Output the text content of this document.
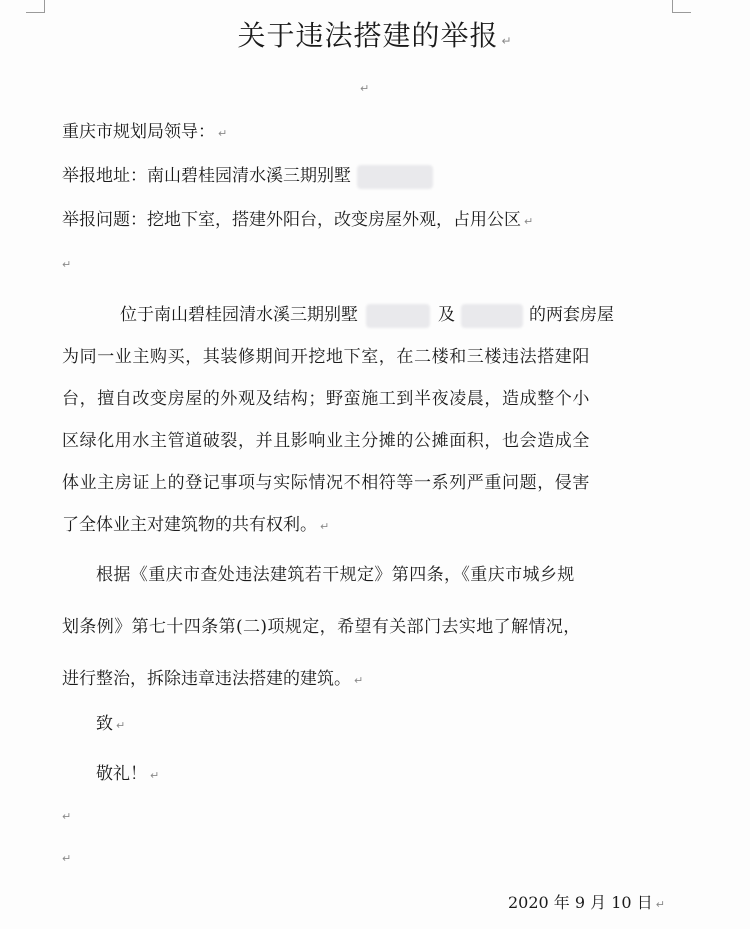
关于违法搭建的举报 ↵
↵
重庆市规划局领导： ↵
举报地址：南山碧桂园清水溪三期别墅
举报问题：挖地下室，搭建外阳台，改变房屋外观，占用公区 ↵
↵
位于南山碧桂园清水溪三期别墅	及	的两套房屋
为同一业主购买，其装修期间开挖地下室，在二楼和三楼违法搭建阳
台，擅自改变房屋的外观及结构；野蛮施工到半夜凌晨，造成整个小
区绿化用水主管道破裂，并且影响业主分摊的公摊面积，也会造成全
体业主房证上的登记事项与实际情况不相符等一系列严重问题，侵害
了全体业主对建筑物的共有权利。 ↵
根据《重庆市查处违法建筑若干规定》第四条，《重庆市城乡规
划条例》第七十四条第(二)项规定，希望有关部门去实地了解情况，
进行整治，拆除违章违法搭建的建筑。 ↵
致 ↵
敬礼！ ↵
↵
↵
2020 年 9 月 10 日 ↵
